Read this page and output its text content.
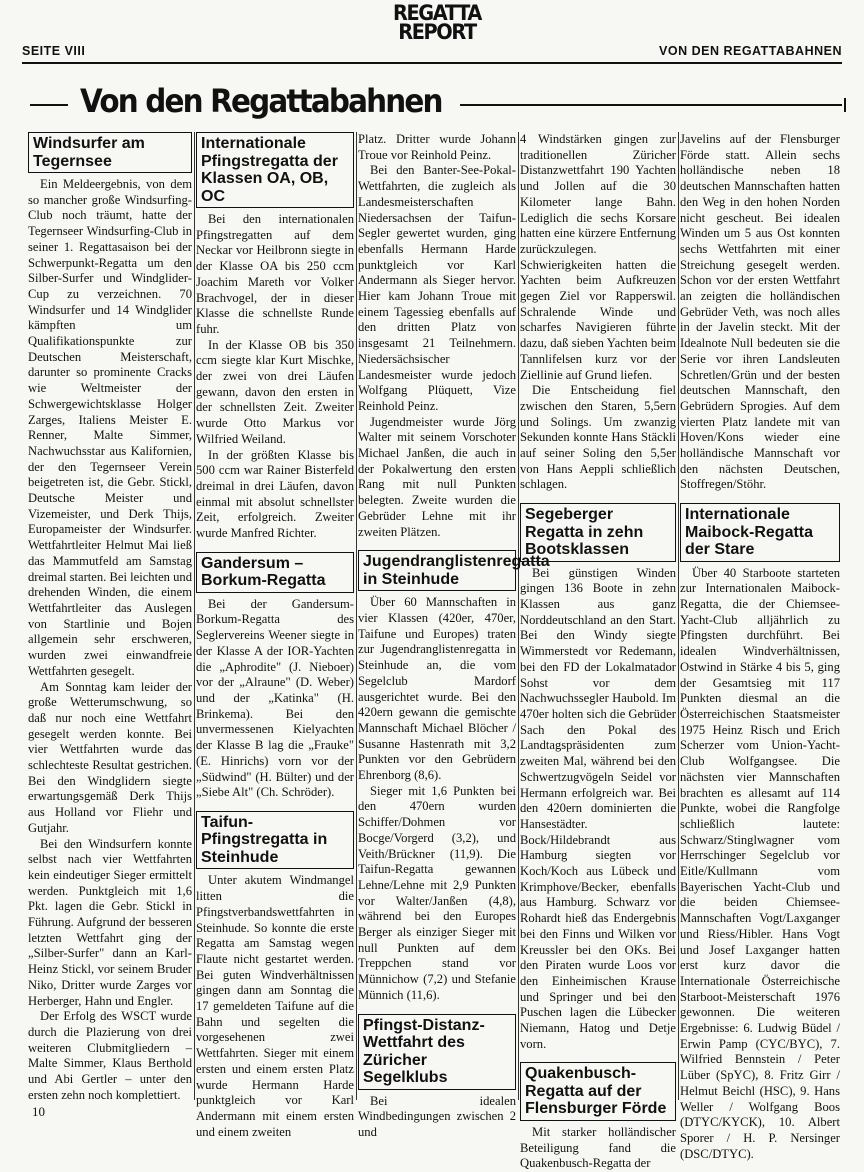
SEITE VIII
REGATTA
REPORT
VON DEN REGATTABAHNEN
Von den Regattabahnen
Windsurfer am Tegernsee

Ein Meldeergebnis, von dem so mancher große Windsurfing-Club noch träumt, hatte der Tegernseer Windsurfing-Club in seiner 1. Regattasaison bei der Schwerpunkt-Regatta um den Silber-Surfer und Windglider-Cup zu verzeichnen. 70 Windsurfer und 14 Windglider kämpften um Qualifikationspunkte zur Deutschen Meisterschaft, darunter so prominente Cracks wie Weltmeister der Schwergewichtsklasse Holger Zarges, Italiens Meister E. Renner, Malte Simmer, Nachwuchsstar aus Kalifornien, der den Tegernseer Verein beigetreten ist, die Gebr. Stickl, Deutsche Meister und Vizemeister, und Derk Thijs, Europameister der Windsurfer. Wettfahrtleiter Helmut Mai ließ das Mammutfeld am Samstag dreimal starten. Bei leichten und drehenden Winden, die einem Wettfahrtleiter das Auslegen von Startlinie und Bojen allgemein sehr erschweren, wurden zwei einwandfreie Wettfahrten gesegelt.

Am Sonntag kam leider der große Wetterumschwung, so daß nur noch eine Wettfahrt gesegelt werden konnte. Bei vier Wettfahrten wurde das schlechteste Resultat gestrichen. Bei den Windglidern siegte erwartungsgemäß Derk Thijs aus Holland vor Fliehr und Gutjahr.

Bei den Windsurfern konnte selbst nach vier Wettfahrten kein eindeutiger Sieger ermittelt werden. Punktgleich mit 1,6 Pkt. lagen die Gebr. Stickl in Führung. Aufgrund der besseren letzten Wettfahrt ging der „Silber-Surfer" dann an Karl-Heinz Stickl, vor seinem Bruder Niko, Dritter wurde Zarges vor Herberger, Hahn und Engler.

Der Erfolg des WSCT wurde durch die Plazierung von drei weiteren Clubmitgliedern – Malte Simmer, Klaus Berthold und Abi Gertler – unter den ersten zehn noch komplettiert.

Internationale Pfingstregatta der Klassen OA, OB, OC

Bei den internationalen Pfingstregatten auf dem Neckar vor Heilbronn siegte in der Klasse OA bis 250 ccm Joachim Mareth vor Volker Brachvogel, der in dieser Klasse die schnellste Runde fuhr.

In der Klasse OB bis 350 ccm siegte klar Kurt Mischke, der zwei von drei Läufen gewann, davon den ersten in der schnellsten Zeit. Zweiter wurde Otto Markus vor Wilfried Weiland.

In der größten Klasse bis 500 ccm war Rainer Bisterfeld dreimal in drei Läufen, davon einmal mit absolut schnellster Zeit, erfolgreich. Zweiter wurde Manfred Richter.

Gandersum – Borkum-Regatta

Bei der Gandersum-Borkum-Regatta des Seglervereins Weener siegte in der Klasse A der IOR-Yachten die „Aphrodite" (J. Nieboer) vor der „Alraune" (D. Weber) und der „Katinka" (H. Brinkema). Bei den unvermessenen Kielyachten der Klasse B lag die „Frauke" (E. Hinrichs) vorn vor der „Südwind" (H. Bülter) und der „Siebe Alt" (Ch. Schröder).

Taifun-Pfingstregatta in Steinhude

Unter akutem Windmangel litten die Pfingstverbandswettfahrten in Steinhude. So konnte die erste Regatta am Samstag wegen Flaute nicht gestartet werden. Bei guten Windverhältnissen gingen dann am Sonntag die 17 gemeldeten Taifune auf die Bahn und segelten die vorgesehenen zwei Wettfahrten. Sieger mit einem ersten und einem ersten Platz wurde Hermann Harde punktgleich vor Karl Andermann mit einem ersten und einem zweiten

Platz. Dritter wurde Johann Troue vor Reinhold Peinz.

Bei den Banter-See-Pokal-Wettfahrten, die zugleich als Landesmeisterschaften Niedersachsen der Taifun-Segler gewertet wurden, ging ebenfalls Hermann Harde punktgleich vor Karl Andermann als Sieger hervor. Hier kam Johann Troue mit einem Tagessieg ebenfalls auf den dritten Platz von insgesamt 21 Teilnehmern. Niedersächsischer Landesmeister wurde jedoch Wolfgang Plüquett, Vize Reinhold Peinz.

Jugendmeister wurde Jörg Walter mit seinem Vorschoter Michael Janßen, die auch in der Pokalwertung den ersten Rang mit null Punkten belegten. Zweite wurden die Gebrüder Lehne mit ihr zweiten Plätzen.

Jugendranglistenregatta in Steinhude

Über 60 Mannschaften in vier Klassen (420er, 470er, Taifune und Europes) traten zur Jugendranglistenregatta in Steinhude an, die vom Segelclub Mardorf ausgerichtet wurde. Bei den 420ern gewann die gemischte Mannschaft Michael Blöcher / Susanne Hastenrath mit 3,2 Punkten vor den Gebrüdern Ehrenborg (8,6).

Sieger mit 1,6 Punkten bei den 470ern wurden Schiffer/Dohmen vor Bocge/Vorgerd (3,2), und Veith/Brückner (11,9). Die Taifun-Regatta gewannen Lehne/Lehne mit 2,9 Punkten vor Walter/Janßen (4,8), während bei den Europes Berger als einziger Sieger mit null Punkten auf dem Treppchen stand vor Münnichow (7,2) und Stefanie Münnich (11,6).

Pfingst-Distanz-Wettfahrt des Züricher Segelklubs

Bei idealen Windbedingungen zwischen 2 und

4 Windstärken gingen zur traditionellen Züricher Distanzwettfahrt 190 Yachten und Jollen auf die 30 Kilometer lange Bahn. Lediglich die sechs Korsare hatten eine kürzere Entfernung zurückzulegen. Schwierigkeiten hatten die Yachten beim Aufkreuzen gegen Ziel vor Rapperswil. Schralende Winde und scharfes Navigieren führte dazu, daß sieben Yachten beim Tannlifelsen kurz vor der Ziellinie auf Grund liefen.

Die Entscheidung fiel zwischen den Staren, 5,5ern und Solings. Um zwanzig Sekunden konnte Hans Stäckli auf seiner Soling den 5,5er von Hans Aeppli schließlich schlagen.

Segeberger Regatta in zehn Bootsklassen

Bei günstigen Winden gingen 136 Boote in zehn Klassen aus ganz Norddeutschland an den Start. Bei den Windy siegte Wimmerstedt vor Redemann, bei den FD der Lokalmatador Sohst vor dem Nachwuchssegler Haubold. Im 470er holten sich die Gebrüder Sach den Pokal des Landtagspräsidenten zum zweiten Mal, während bei den Schwertzugvögeln Seidel vor Hermann erfolgreich war. Bei den 420ern dominierten die Hansestädter. Bock/Hildebrandt aus Hamburg siegten vor Koch/Koch aus Lübeck und Krimphove/Becker, ebenfalls aus Hamburg. Schwarz vor Rohardt hieß das Endergebnis bei den Finns und Wilken vor Kreussler bei den OKs. Bei den Piraten wurde Loos vor den Einheimischen Krause und Springer und bei den Puschen lagen die Lübecker Niemann, Hatog und Detje vorn.

Quakenbusch-Regatta auf der Flensburger Förde

Mit starker holländischer Beteiligung fand die Quakenbusch-Regatta der

Javelins auf der Flensburger Förde statt. Allein sechs holländische neben 18 deutschen Mannschaften hatten den Weg in den hohen Norden nicht gescheut. Bei idealen Winden um 5 aus Ost konnten sechs Wettfahrten mit einer Streichung gesegelt werden. Schon vor der ersten Wettfahrt an zeigten die holländischen Gebrüder Veth, was noch alles in der Javelin steckt. Mit der Idealnote Null bedeuten sie die Serie vor ihren Landsleuten Schretlen/Grün und der besten deutschen Mannschaft, den Gebrüdern Sprogies. Auf dem vierten Platz landete mit van Hoven/Kons wieder eine holländische Mannschaft vor den nächsten Deutschen, Stoffregen/Stöhr.

Internationale Maibock-Regatta der Stare

Über 40 Starboote starteten zur Internationalen Maibock-Regatta, die der Chiemsee-Yacht-Club alljährlich zu Pfingsten durchführt. Bei idealen Windverhältnissen, Ostwind in Stärke 4 bis 5, ging der Gesamtsieg mit 117 Punkten diesmal an die Österreichischen Staatsmeister 1975 Heinz Risch und Erich Scherzer vom Union-Yacht-Club Wolfgangsee. Die nächsten vier Mannschaften brachten es allesamt auf 114 Punkte, wobei die Rangfolge schließlich lautete: Schwarz/Stinglwagner vom Herrschinger Segelclub vor Eitle/Kullmann vom Bayerischen Yacht-Club und die beiden Chiemsee-Mannschaften Vogt/Laxganger und Riess/Hibler. Hans Vogt und Josef Laxganger hatten erst kurz davor die Internationale Österreichische Starboot-Meisterschaft 1976 gewonnen. Die weiteren Ergebnisse: 6. Ludwig Büdel / Erwin Pamp (CYC/BYC), 7. Wilfried Bennstein / Peter Lüber (SpYC), 8. Fritz Girr / Helmut Beichl (HSC), 9. Hans Weller / Wolfgang Boos (DTYC/KYCK), 10. Albert Sporer / H. P. Nersinger (DSC/DTYC).

10
